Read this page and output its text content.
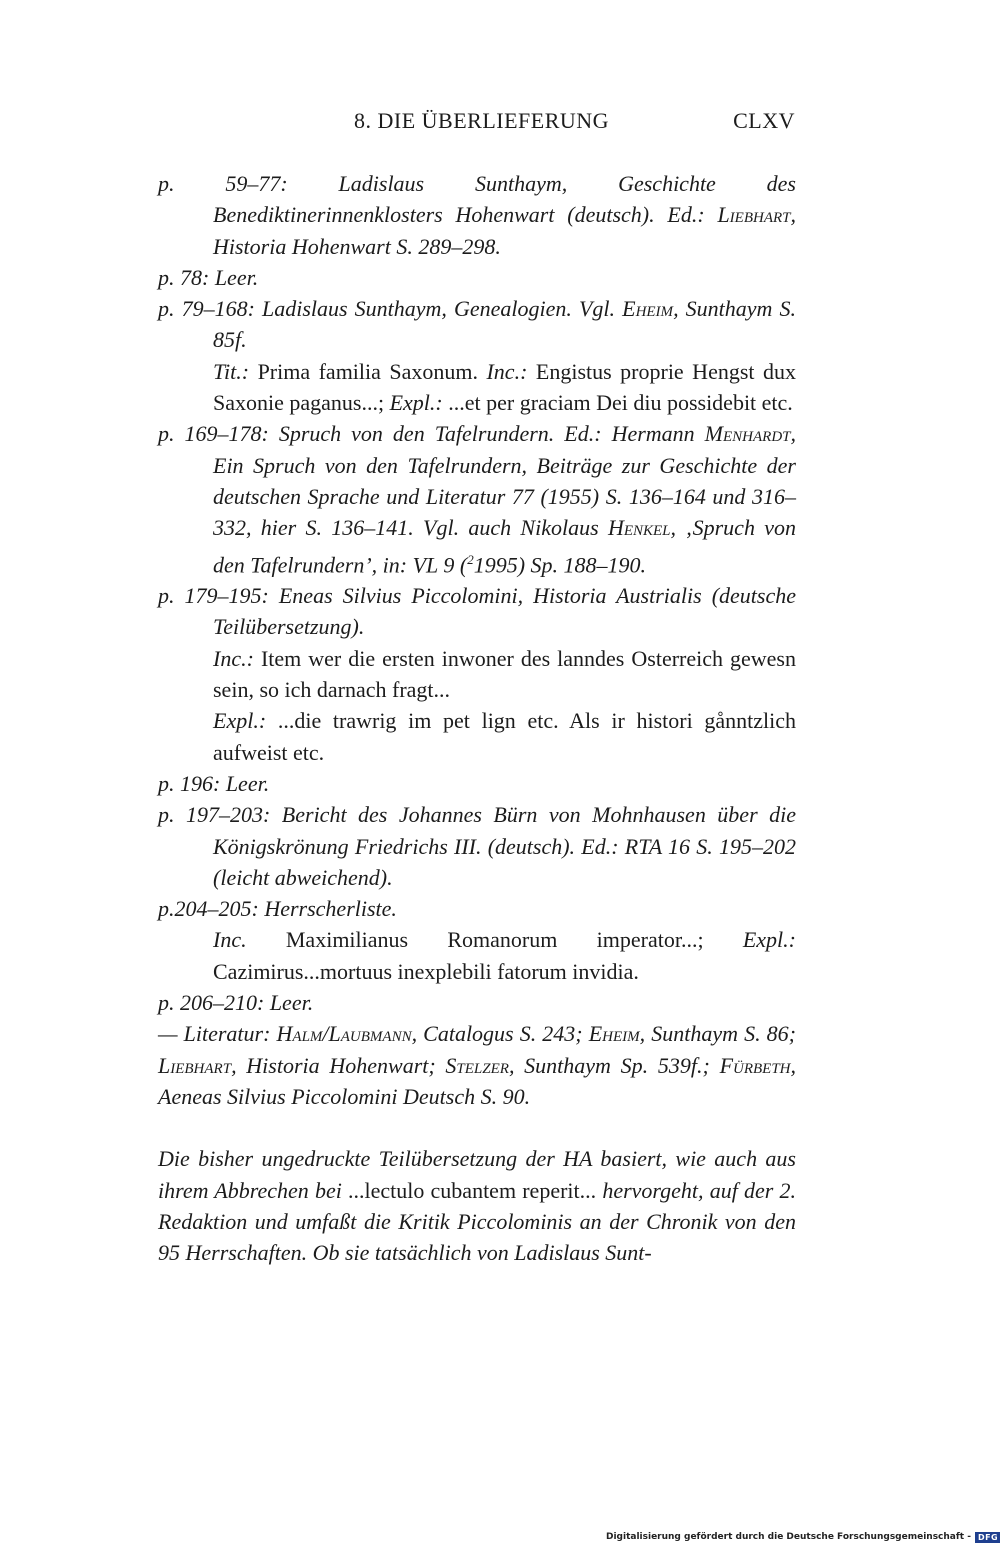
8. DIE ÜBERLIEFERUNG	CLXV
p. 59–77: Ladislaus Sunthaym, Geschichte des Benediktinerinnenklosters Hohenwart (deutsch). Ed.: Liebhart, Historia Hohenwart S. 289–298.
p. 78: Leer.
p. 79–168: Ladislaus Sunthaym, Genealogien. Vgl. Eheim, Sunthaym S. 85f.
Tit.: Prima familia Saxonum. Inc.: Engistus proprie Hengst dux Saxonie paganus...; Expl.: ...et per graciam Dei diu possidebit etc.
p. 169–178: Spruch von den Tafelrundern. Ed.: Hermann Menhardt, Ein Spruch von den Tafelrundern, Beiträge zur Geschichte der deutschen Sprache und Literatur 77 (1955) S. 136–164 und 316–332, hier S. 136–141. Vgl. auch Nikolaus Henkel, ‚Spruch von den Tafelrundern’, in: VL 9 ($^2$1995) Sp. 188–190.
p. 179–195: Eneas Silvius Piccolomini, Historia Austrialis (deutsche Teilübersetzung).
Inc.: Item wer die ersten inwoner des lanndes Osterreich gewesn sein, so ich darnach fragt...
Expl.: ...die trawrig im pet lign etc. Als ir histori gånntzlich aufweist etc.
p. 196: Leer.
p. 197–203: Bericht des Johannes Bürn von Mohnhausen über die Königskrönung Friedrichs III. (deutsch). Ed.: RTA 16 S. 195–202 (leicht abweichend).
p.204–205: Herrscherliste.
Inc. Maximilianus Romanorum imperator...; Expl.: Cazimirus...mortuus inexplebili fatorum invidia.
p. 206–210: Leer.
— Literatur: Halm/Laubmann, Catalogus S. 243; Eheim, Sunthaym S. 86; Liebhart, Historia Hohenwart; Stelzer, Sunthaym Sp. 539f.; Fürbeth, Aeneas Silvius Piccolomini Deutsch S. 90.
Die bisher ungedruckte Teilübersetzung der HA basiert, wie auch aus ihrem Abbrechen bei ...lectulo cubantem reperit... hervorgeht, auf der 2. Redaktion und umfaßt die Kritik Piccolominis an der Chronik von den 95 Herrschaften. Ob sie tatsächlich von Ladislaus Sunt-
Digitalisierung gefördert durch die Deutsche Forschungsgemeinschaft - DFG
